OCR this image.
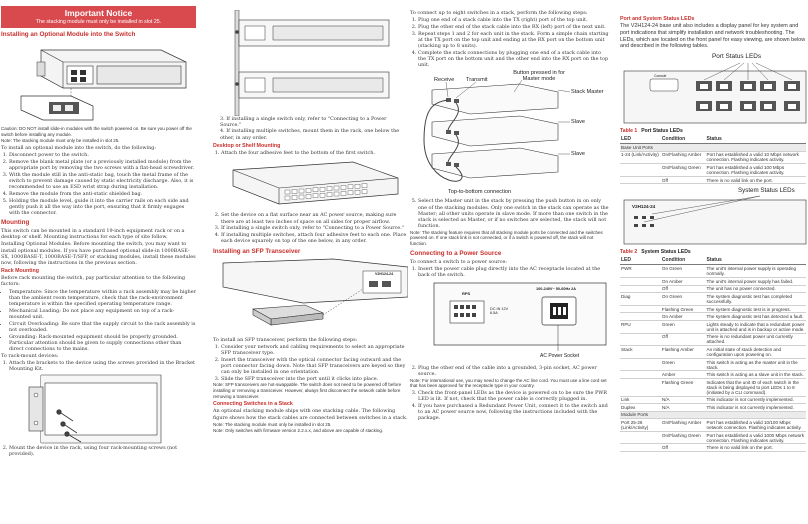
Important Notice
The stacking module must only be installed in slot 25.
Installing an Optional Module into the Switch
Caution: DO NOT install slide-in modules with the switch powered on. Be sure you power off the switch before installing any module.
Note: The stacking module must only be installed in slot 25.
To install an optional module into the switch, do the following:
1. Disconnect power to the switch.
2. Remove the blank metal plate (or a previously installed module) from the appropriate port by removing the two screws with a flat-head screwdriver.
3. With the module still in the anti-static bag, touch the metal frame of the switch to prevent damage caused by static electricity discharge. Also, it is recommended to use an ESD wrist strap during installation.
4. Remove the module from the anti-static shielded bag.
5. Holding the module level, guide it into the carrier rails on each side and gently push it all the way into the port, ensuring that it firmly engages with the connector.
Mounting
This switch can be mounted in a standard 19-inch equipment rack or on a desktop or shelf. Mounting instructions for each type of site follow.
Installing Optional Modules: Before mounting the switch, you may want to install optional modules. If you have purchased optional slide-in 1000BASE-SX, 1000BASE-T, 1000BASE-T/SFP, or stacking modules, install these modules now, following the instructions in the previous section.
Rack Mounting
Before rack mounting the switch, pay particular attention to the following factors:
• Temperature: Since the temperature within a rack assembly may be higher than the ambient room temperature, check that the rack-environment temperature is within the specified operating temperature range.
• Mechanical Loading: Do not place any equipment on top of a rack-mounted unit.
• Circuit Overloading: Be sure that the supply circuit to the rack assembly is not overloaded.
• Grounding: Rack-mounted equipment should be properly grounded. Particular attention should be given to supply connections other than direct connections to the mains.
To rack-mount devices:
1. Attach the brackets to the device using the screws provided in the Bracket Mounting Kit.
2. Mount the device in the rack, using four rack-mounting screws (not provided).
3. If installing a single switch only, refer to "Connecting to a Power Source."
4. If installing multiple switches, mount them in the rack, one below the other, in any order.
Desktop or Shelf Mounting
1. Attach the four adhesive feet to the bottom of the first switch.
2. Set the device on a flat surface near an AC power source, making sure there are at least two inches of space on all sides for proper airflow.
3. If installing a single switch only, refer to "Connecting to a Power Source."
4. If installing multiple switches, attach four adhesive feet to each one. Place each device squarely on top of the one below, in any order.
Installing an SFP Transceiver
V2H124-24
To install an SFP transceiver, perform the following steps:
1. Consider your network and cabling requirements to select an appropriate SFP transceiver type.
2. Insert the transceiver with the optical connector facing outward and the port connector facing down. Note that SFP transceivers are keyed so they can only be installed in one orientation.
3. Slide the SFP transceiver into the port until it clicks into place.
Note: SFP transceivers are hot-swappable. The switch does not need to be powered off before installing or removing a transceiver. However, always first disconnect the network cable before removing a transceiver.
Connecting Switches in a Stack
An optional stacking module ships with one stacking cable. The following figure shows how the stack cables are connected between switches in a stack.
Note: The stacking module must only be installed in slot 25.
Note: Only switches with firmware version 2.2.x.x, and above are capable of stacking.
To connect up to eight switches in a stack, perform the following steps:
1. Plug one end of a stack cable into the TX (right) port of the top unit.
2. Plug the other end of the stack cable into the RX (left) port of the next unit.
3. Repeat steps 1 and 2 for each unit in the stack. Form a simple chain starting at the TX port on the top unit and ending at the RX port on the bottom unit (stacking up to 8 units).
4. Complete the stack connections by plugging one end of a stack cable into the TX port on the bottom unit and the other end into the RX port on the top unit.
Receive Transmit
Button pressed in for Master mode
Stack Master
Slave
Slave
Top-to-bottom connection
5. Select the Master unit in the stack by pressing the push button in on only one of the stacking modules. Only one switch in the stack can operate as the Master; all other units operate in slave mode. If more than one switch in the stack is selected as Master, or if no switches are selected, the stack will not function.
Note: The stacking feature requires that all stacking module ports be connected and the switches powered on. If one stack link is not connected, or if a switch is powered off, the stack will not function.
Connecting to a Power Source
To connect a switch to a power source:
1. Insert the power cable plug directly into the AC receptacle located at the back of the switch.
RPS
100-240V~ 50-60Hz 2A
DC IN 12V 6.5A
AC Power Socket
2. Plug the other end of the cable into a grounded, 3-pin socket, AC power source.
Note: For international use, you may need to change the AC line cord. You must use a line cord set that has been approved for the receptacle type in your country.
3. Check the front-panel LEDs as the device is powered on to be sure the PWR LED is lit. If not, check that the power cable is correctly plugged in.
4. If you have purchased a Redundant Power Unit, connect it to the switch and to an AC power source now, following the instructions included with the package.
Port and System Status LEDs
The V2H124-24 base unit also includes a display panel for key system and port indications that simplify installation and network troubleshooting. The LEDs, which are located on the front panel for easy viewing, are shown below and described in the following tables.
Port Status LEDs
Console
Table 1 Port Status LEDs
LED	Condition	Status
Base Unit Ports		
1-24 (Link/Activity)	On/Flashing Amber	Port has established a valid 10 Mbps network connection. Flashing indicates activity.
	On/Flashing Green	Port has established a valid 100 Mbps connection. Flashing indicates activity.
	Off	There is no valid link on the port.
System Status LEDs
V2H124-24
Table 2 System Status LEDs
LED	Condition	Status
PWR	On Green	The unit's internal power supply is operating normally.
	On Amber	The unit's internal power supply has failed.
	Off	The unit has no power connected.
Diag	On Green	The system diagnostic test has completed successfully.
	Flashing Green	The system diagnostic test is in progress.
	On Amber	The system diagnostic test has detected a fault.
RPU	Green	Lights steady to indicate that a redundant power unit is attached and is in backup or active mode.
	Off	There is no redundant power unit currently attached.
Stack	Flashing Amber	An initial state of stack detection and configuration upon powering on.
	Green	This switch is acting as the master unit in the stack.
	Amber	This switch is acting as a slave unit in the stack.
	Flashing Green	Indicates that the unit ID of each switch in the stack is being displayed to port LEDs 1 to 8 (initiated by a CLI command).
Link	N/A	This indicator is not currently implemented.
Duplex	N/A	This indicator is not currently implemented.
Module Ports		
Port 25-26 (Link/Activity)	On/Flashing Amber	Port has established a valid 10/100 Mbps network connection. Flashing indicates activity.
	On/Flashing Green	Port has established a valid 1000 Mbps network connection. Flashing indicates activity.
	Off	There is no valid link on the port.
